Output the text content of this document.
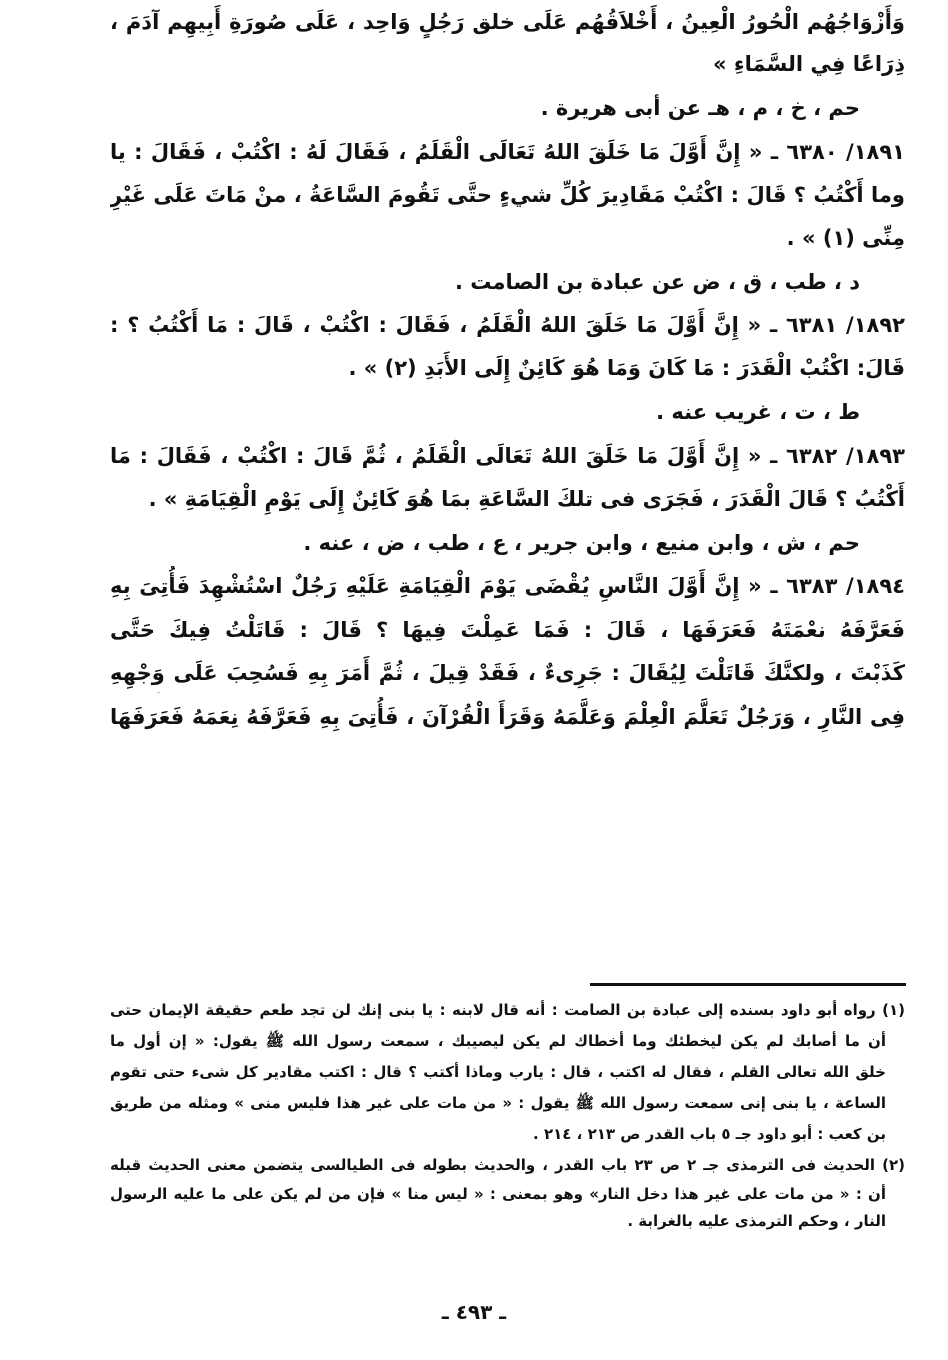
وَأَزْوَاجُهُم الْحُورُ الْعِينُ ، أَخْلاَقُهُم عَلَى خلق رَجُلٍ وَاحِد ، عَلَى صُورَةِ أَبِيهِم آدَمَ ،
ذِرَاعًا فِي السَّمَاءِ »
حم ، خ ، م ، هـ عن أبى هريرة .
١٨٩١/ ٦٣٨٠ ـ « إِنَّ أَوَّلَ مَا خَلَقَ اللهُ تَعَالَى الْقَلَمُ ، فَقَالَ لَهُ : اكْتُبْ ، فَقَالَ : يا
وما أَكْتُبُ ؟ قَالَ : اكْتُبْ مَقَادِيرَ كُلِّ شيءٍ حتَّى تَقُومَ السَّاعَةُ ، منْ مَاتَ عَلَى غَيْرِ
مِنِّى (١) » .
د ، طب ، ق ، ض عن عبادة بن الصامت .
١٨٩٢/ ٦٣٨١ ـ « إِنَّ أَوَّلَ مَا خَلَقَ اللهُ الْقَلَمُ ، فَقَالَ : اكْتُبْ ، قَالَ : مَا أَكْتُبُ ؟ :
قَالَ: اكْتُبْ الْقَدَرَ : مَا كَانَ وَمَا هُوَ كَائِنٌ إِلَى الأَبَدِ (٢) » .
ط ، ت ، غريب عنه .
١٨٩٣/ ٦٣٨٢ ـ « إِنَّ أَوَّلَ مَا خَلَقَ اللهُ تَعَالَى الْقَلَمُ ، ثُمَّ قَالَ : اكْتُبْ ، فَقَالَ : مَا
أَكْتُبُ ؟ قَالَ الْقَدَرَ ، فَجَرَى فى تلكَ السَّاعَةِ بمَا هُوَ كَائِنٌ إِلَى يَوْمِ الْقِيَامَةِ » .
حم ، ش ، وابن منيع ، وابن جرير ، ع ، طب ، ض ، عنه .
١٨٩٤/ ٦٣٨٣ ـ « إِنَّ أَوَّلَ النَّاسِ يُقْضَى يَوْمَ الْقِيَامَةِ عَلَيْهِ رَجُلٌ اسْتُشْهِدَ فَأُتِىَ بِهِ
فَعَرَّفَهُ نعْمَتَهُ فَعَرَفَهَا ، قَالَ : فَمَا عَمِلْتَ فِيهَا ؟ قَالَ : قَاتَلْتُ فِيكَ حَتَّى
كَذَبْتَ ، ولكنَّكَ قَاتَلْتَ لِيُقَالَ : جَرِىءٌ ، فَقَدْ قِيلَ ، ثُمَّ أَمَرَ بِهِ فَسُحِبَ عَلَى وَجْهِهِ
فِى النَّارِ ، وَرَجُلٌ تَعَلَّمَ الْعِلْمَ وَعَلَّمَهُ وَقَرَأَ الْقُرْآنَ ، فَأُتِىَ بِهِ فَعَرَّفَهُ نِعَمَهُ فَعَرَفَهَا
(١) رواه أبو داود بسنده إلى عبادة بن الصامت : أنه قال لابنه : يا بنى إنك لن تجد طعم حقيقة الإيمان حتى
أن ما أصابك لم يكن ليخطئك وما أخطاك لم يكن ليصيبك ، سمعت رسول الله ﷺ يقول: « إن أول ما
خلق الله تعالى القلم ، فقال له اكتب ، قال : يارب وماذا أكتب ؟ قال : اكتب مقادير كل شىء حتى تقوم
الساعة ، يا بنى إنى سمعت رسول الله ﷺ يقول : « من مات على غير هذا فليس منى » ومثله من طريق
بن كعب : أبو داود جـ ٥ باب القدر ص ٢١٣ ، ٢١٤ .
(٢) الحديث فى الترمذى جـ ٢ ص ٢٣ باب القدر ، والحديث بطوله فى الطيالسى يتضمن معنى الحديث قبله
أن : « من مات على غير هذا دخل النار» وهو بمعنى : « ليس منا » فإن من لم يكن على ما عليه الرسول
النار ، وحكم الترمذى عليه بالغرابة .
ـ ٤٩٣ ـ
